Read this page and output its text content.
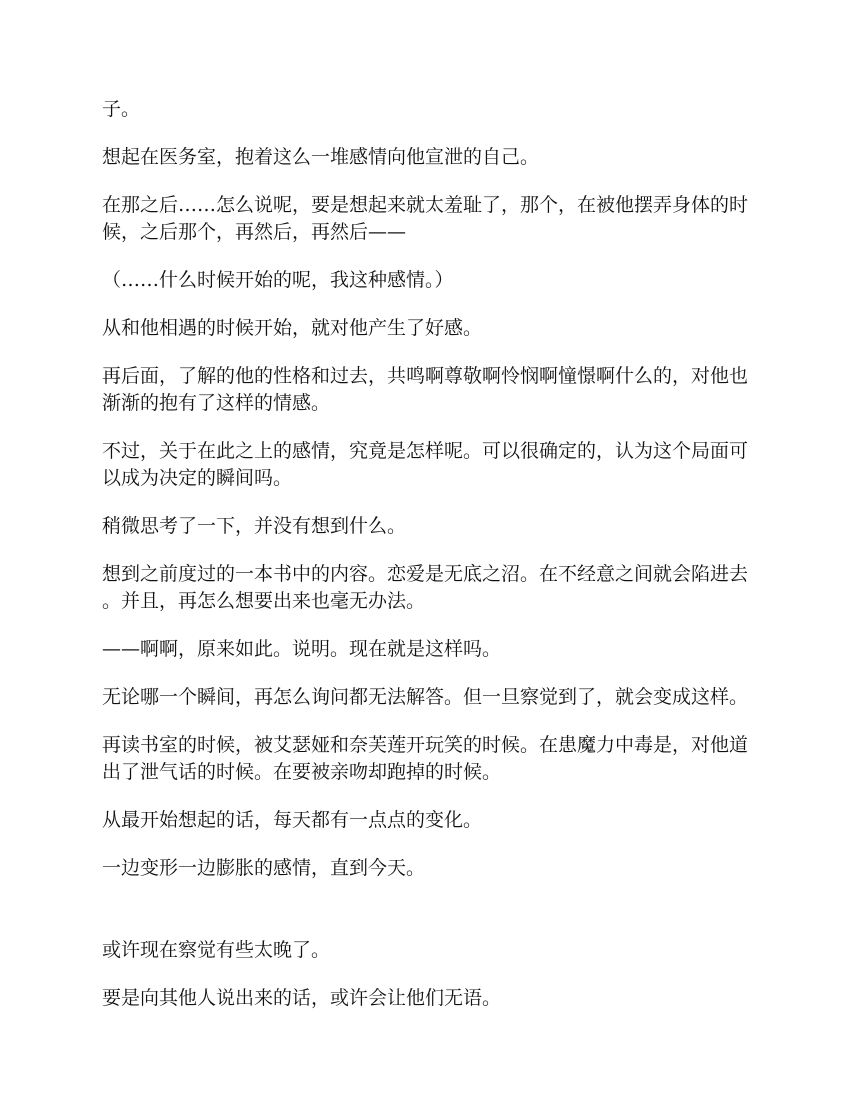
子。

想起在医务室，抱着这么一堆感情向他宣泄的自己。

在那之后……怎么说呢，要是想起来就太羞耻了，那个，在被他摆弄身体的时候，之后那个，再然后，再然后——

（……什么时候开始的呢，我这种感情。）

从和他相遇的时候开始，就对他产生了好感。

再后面，了解的他的性格和过去，共鸣啊尊敬啊怜悯啊憧憬啊什么的，对他也渐渐的抱有了这样的情感。

不过，关于在此之上的感情，究竟是怎样呢。可以很确定的，认为这个局面可以成为决定的瞬间吗。

稍微思考了一下，并没有想到什么。

想到之前度过的一本书中的内容。恋爱是无底之沼。在不经意之间就会陷进去。并且，再怎么想要出来也毫无办法。

——啊啊，原来如此。说明。现在就是这样吗。

无论哪一个瞬间，再怎么询问都无法解答。但一旦察觉到了，就会变成这样。

再读书室的时候，被艾瑟娅和奈芙莲开玩笑的时候。在患魔力中毒是，对他道出了泄气话的时候。在要被亲吻却跑掉的时候。

从最开始想起的话，每天都有一点点的变化。

一边变形一边膨胀的感情，直到今天。

或许现在察觉有些太晚了。

要是向其他人说出来的话，或许会让他们无语。
